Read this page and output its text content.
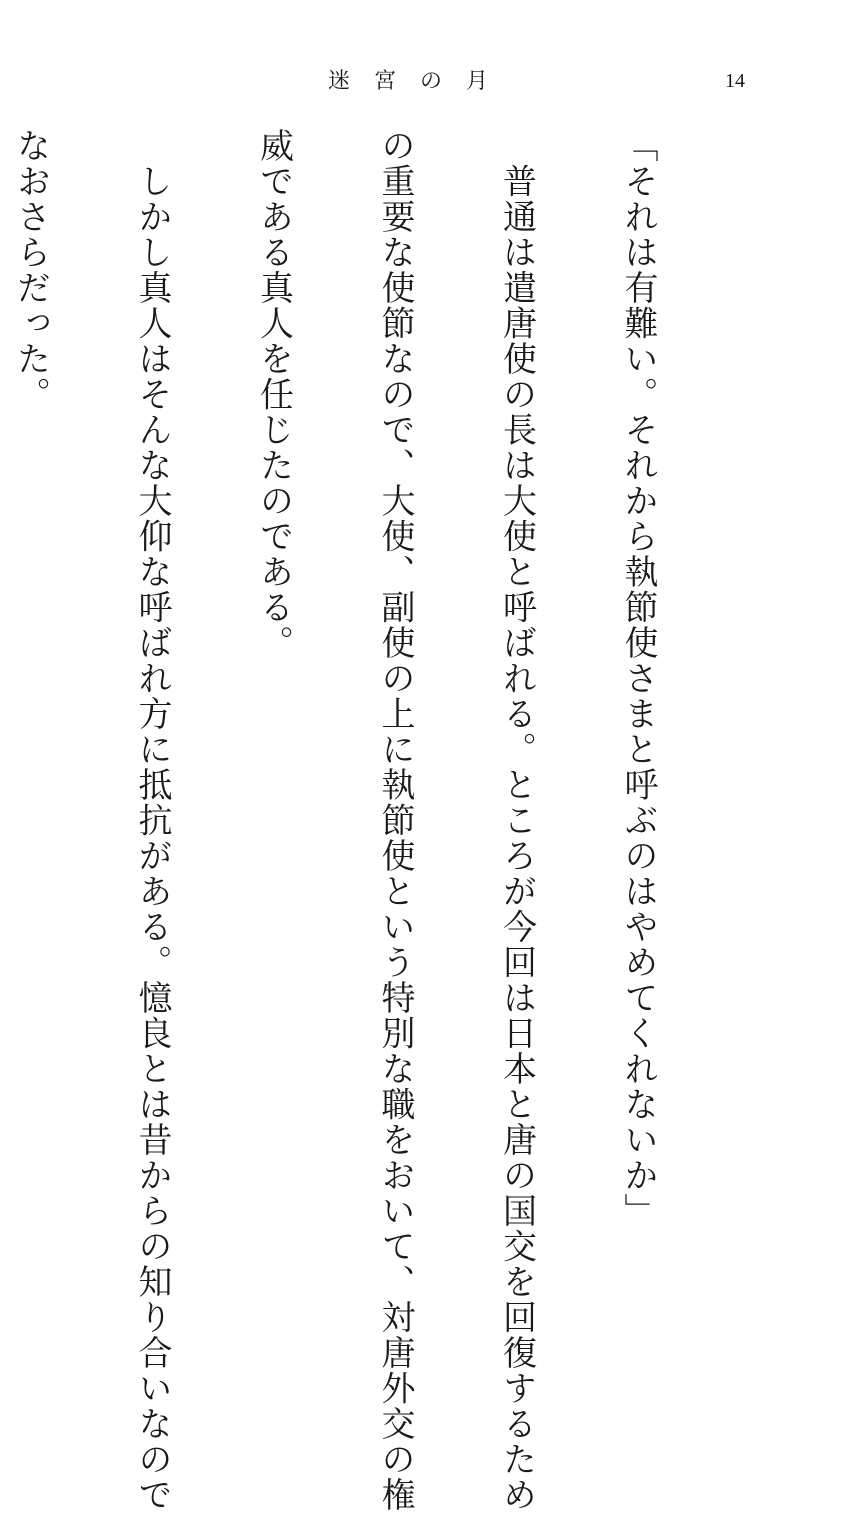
迷宮の月	14

「それは有難い。それから執節使さまと呼ぶのはやめてくれないか」

　普通は遣唐使の長は大使と呼ばれる。ところが今回は日本と唐の国交を回復するため

の重要な使節なので、大使、副使の上に執節使という特別な職をおいて、対唐外交の権

威である真人を任じたのである。

　しかし真人はそんな大仰な呼ばれ方に抵抗がある。憶良とは昔からの知り合いなので

なおさらだった。
